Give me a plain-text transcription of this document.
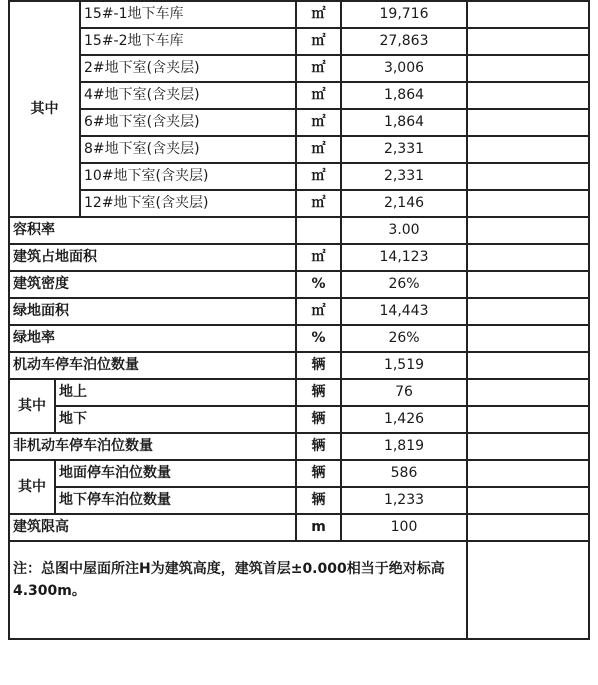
其中		15#-1地下车库	㎡	19,716	
		15#-2地下车库	㎡	27,863	
		2#地下室(含夹层)	㎡	3,006	
		4#地下室(含夹层)	㎡	1,864	
		6#地下室(含夹层)	㎡	1,864	
		8#地下室(含夹层)	㎡	2,331	
		10#地下室(含夹层)	㎡	2,331	
		12#地下室(含夹层)	㎡	2,146	
容积率				3.00	
建筑占地面积			㎡	14,123	
建筑密度			%	26%	
绿地面积			㎡	14,443	
绿地率			%	26%	
机动车停车泊位数量			辆	1,519	
其中	地上		辆	76	
	地下		辆	1,426	
非机动车停车泊位数量			辆	1,819	
其中	地面停车泊位数量		辆	586	
	地下停车泊位数量		辆	1,233	
建筑限高			m	100	
注：总图中屋面所注H为建筑高度，建筑首层±0.000相当于绝对标高4.300m。					
